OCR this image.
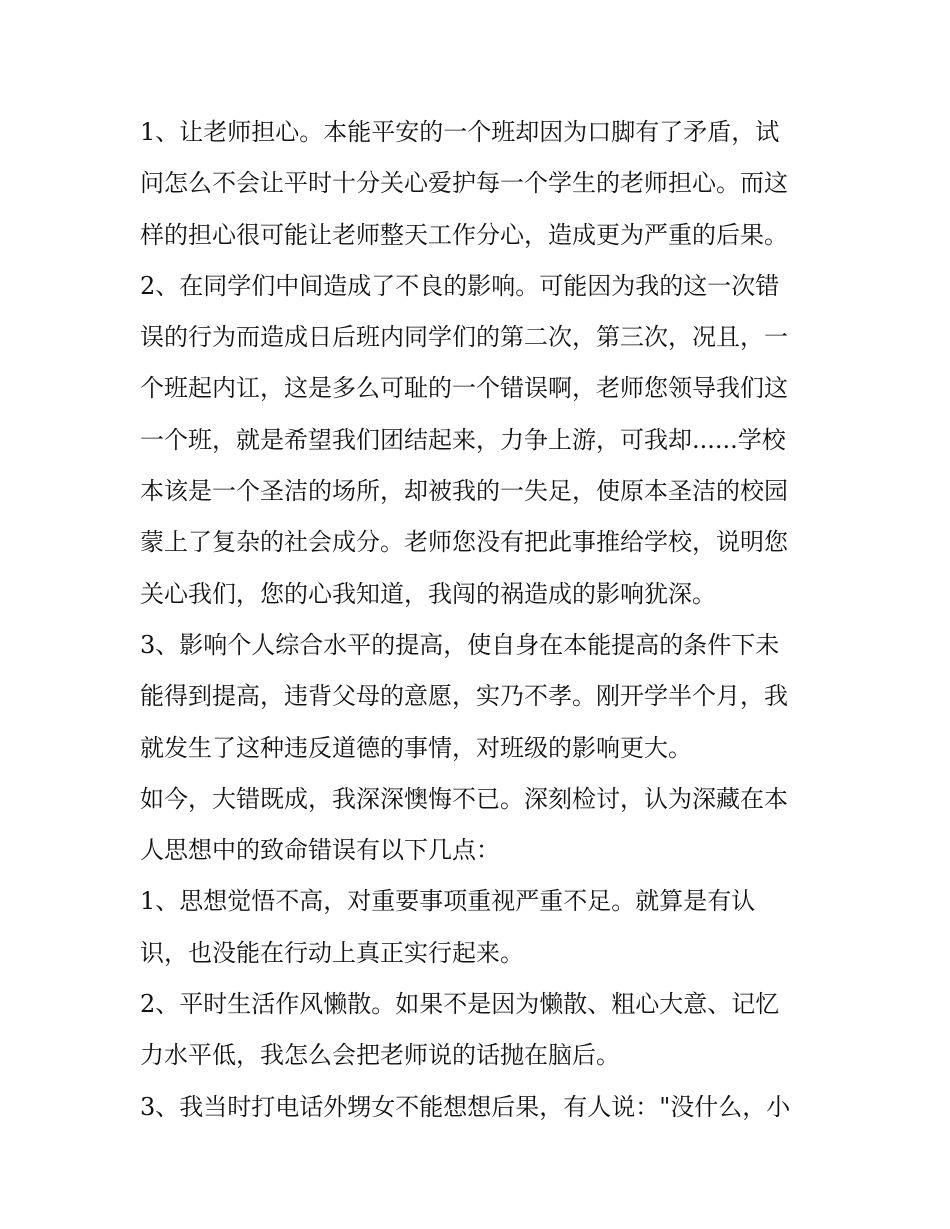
1、让老师担心。本能平安的一个班却因为口脚有了矛盾，试

问怎么不会让平时十分关心爱护每一个学生的老师担心。而这

样的担心很可能让老师整天工作分心，造成更为严重的后果。

2、在同学们中间造成了不良的影响。可能因为我的这一次错

误的行为而造成日后班内同学们的第二次，第三次，况且，一

个班起内讧，这是多么可耻的一个错误啊，老师您领导我们这

一个班，就是希望我们团结起来，力争上游，可我却......学校

本该是一个圣洁的场所，却被我的一失足，使原本圣洁的校园

蒙上了复杂的社会成分。老师您没有把此事推给学校，说明您

关心我们，您的心我知道，我闯的祸造成的影响犹深。

3、影响个人综合水平的提高，使自身在本能提高的条件下未

能得到提高，违背父母的意愿，实乃不孝。刚开学半个月，我

就发生了这种违反道德的事情，对班级的影响更大。

如今，大错既成，我深深懊悔不已。深刻检讨，认为深藏在本

人思想中的致命错误有以下几点：

1、思想觉悟不高，对重要事项重视严重不足。就算是有认

识，也没能在行动上真正实行起来。

2、平时生活作风懒散。如果不是因为懒散、粗心大意、记忆

力水平低，我怎么会把老师说的话抛在脑后。

3、我当时打电话外甥女不能想想后果，有人说："没什么，小
